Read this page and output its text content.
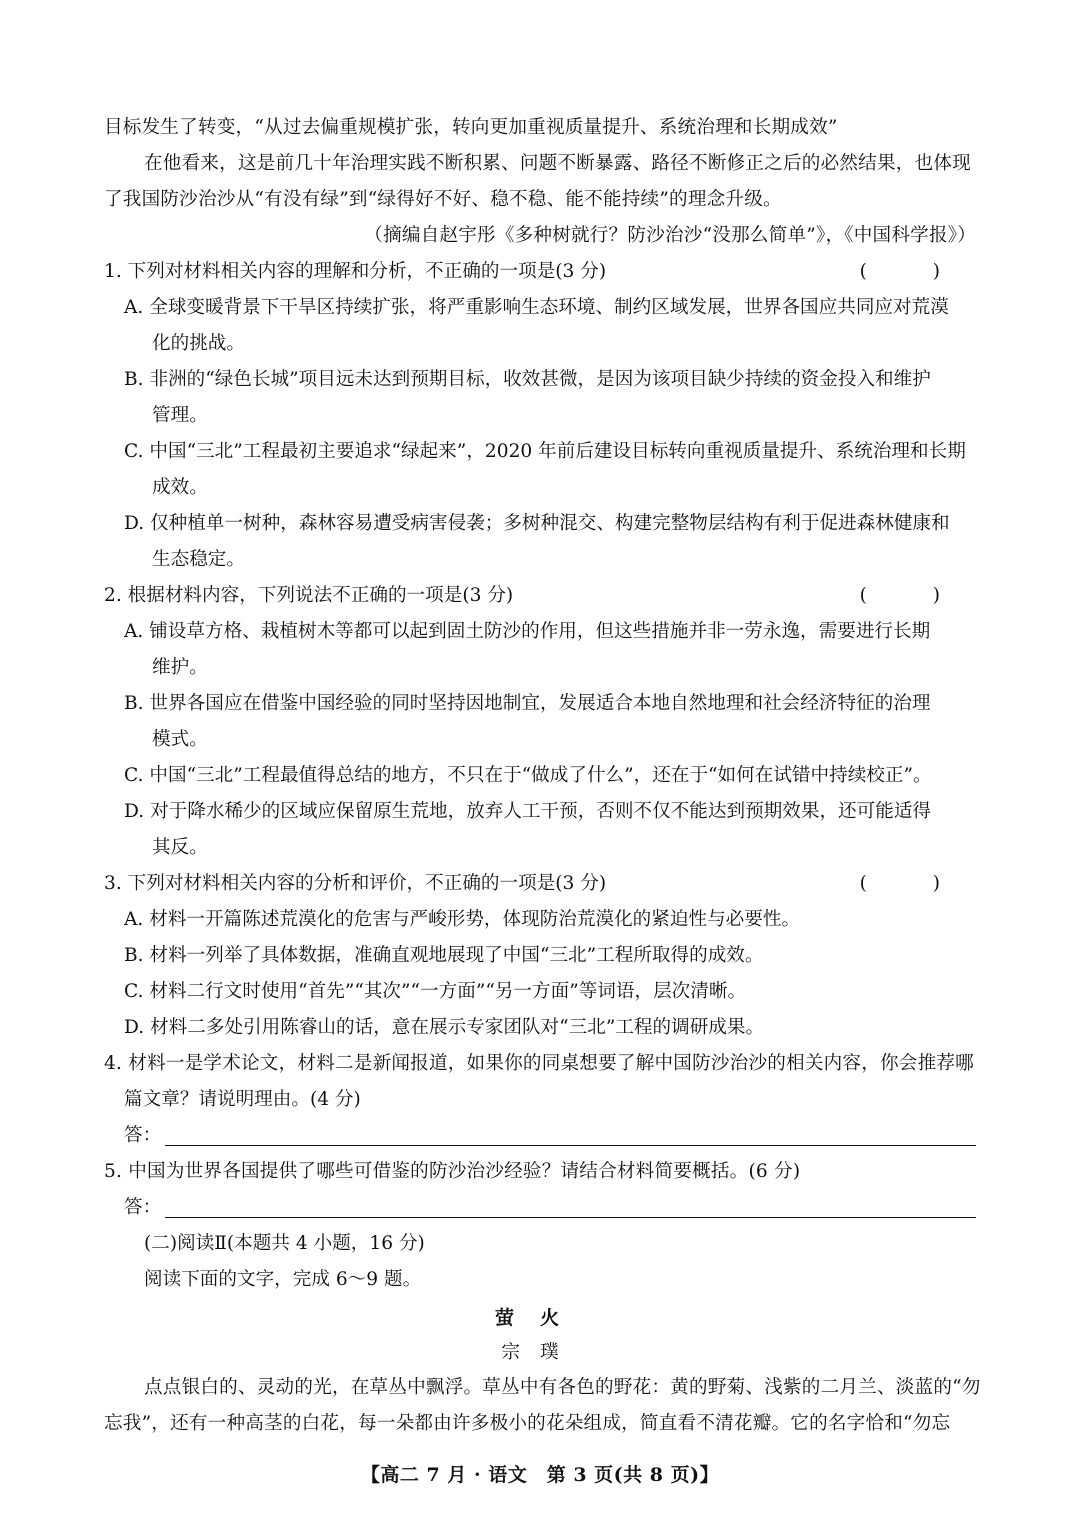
目标发生了转变，“从过去偏重规模扩张，转向更加重视质量提升、系统治理和长期成效”
在他看来，这是前几十年治理实践不断积累、问题不断暴露、路径不断修正之后的必然结果，也体现
了我国防沙治沙从“有没有绿”到“绿得好不好、稳不稳、能不能持续”的理念升级。
（摘编自赵宇彤《多种树就行？防沙治沙“没那么简单”》，《中国科学报》）
1. 下列对材料相关内容的理解和分析，不正确的一项是(3 分)	( )
A. 全球变暖背景下干旱区持续扩张，将严重影响生态环境、制约区域发展，世界各国应共同应对荒漠
化的挑战。
B. 非洲的“绿色长城”项目远未达到预期目标，收效甚微，是因为该项目缺少持续的资金投入和维护
管理。
C. 中国“三北”工程最初主要追求“绿起来”，2020 年前后建设目标转向重视质量提升、系统治理和长期
成效。
D. 仅种植单一树种，森林容易遭受病害侵袭；多树种混交、构建完整物层结构有利于促进森林健康和
生态稳定。
2. 根据材料内容，下列说法不正确的一项是(3 分)	( )
A. 铺设草方格、栽植树木等都可以起到固土防沙的作用，但这些措施并非一劳永逸，需要进行长期
维护。
B. 世界各国应在借鉴中国经验的同时坚持因地制宜，发展适合本地自然地理和社会经济特征的治理
模式。
C. 中国“三北”工程最值得总结的地方，不只在于“做成了什么”，还在于“如何在试错中持续校正”。
D. 对于降水稀少的区域应保留原生荒地，放弃人工干预，否则不仅不能达到预期效果，还可能适得
其反。
3. 下列对材料相关内容的分析和评价，不正确的一项是(3 分)	( )
A. 材料一开篇陈述荒漠化的危害与严峻形势，体现防治荒漠化的紧迫性与必要性。
B. 材料一列举了具体数据，准确直观地展现了中国“三北”工程所取得的成效。
C. 材料二行文时使用“首先”“其次”“一方面”“另一方面”等词语，层次清晰。
D. 材料二多处引用陈睿山的话，意在展示专家团队对“三北”工程的调研成果。
4. 材料一是学术论文，材料二是新闻报道，如果你的同桌想要了解中国防沙治沙的相关内容，你会推荐哪
篇文章？请说明理由。(4 分)
答：
5. 中国为世界各国提供了哪些可借鉴的防沙治沙经验？请结合材料简要概括。(6 分)
答：
(二)阅读Ⅱ(本题共 4 小题，16 分)
阅读下面的文字，完成 6～9 题。
萤火
宗璞
点点银白的、灵动的光，在草丛中飘浮。草丛中有各色的野花：黄的野菊、浅紫的二月兰、淡蓝的“勿
忘我”，还有一种高茎的白花，每一朵都由许多极小的花朵组成，简直看不清花瓣。它的名字恰和“勿忘
【高二 7 月 · 语文　第 3 页(共 8 页)】
